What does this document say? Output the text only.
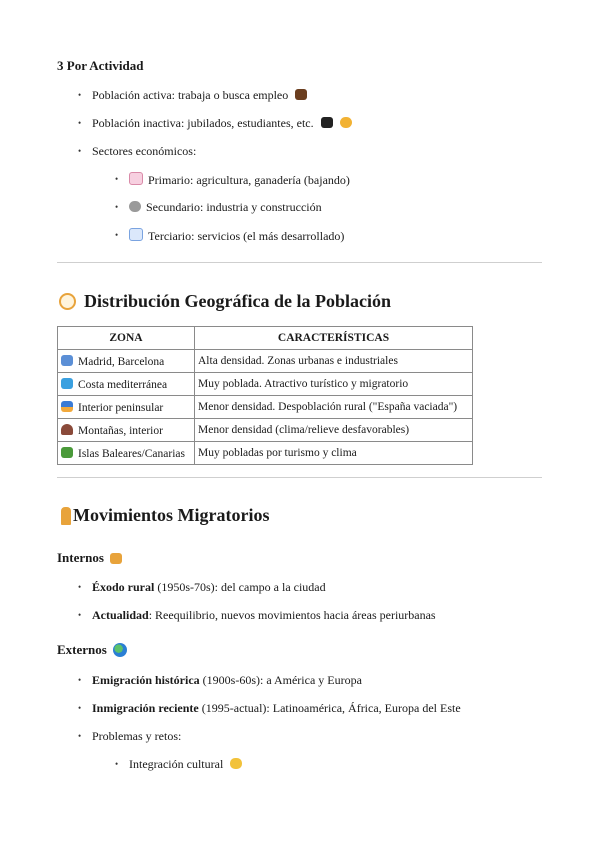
3 Por Actividad
• Población activa: trabaja o busca empleo
• Población inactiva: jubilados, estudiantes, etc.
• Sectores económicos:
•	Primario: agricultura, ganadería (bajando)
•	Secundario: industria y construcción
•	Terciario: servicios (el más desarrollado)
Distribución Geográfica de la Población
ZONA	CARACTERÍSTICAS
Madrid, Barcelona	Alta densidad. Zonas urbanas e industriales
Costa mediterránea	Muy poblada. Atractivo turístico y migratorio
Interior peninsular	Menor densidad. Despoblación rural ("España vaciada")
Montañas, interior	Menor densidad (clima/relieve desfavorables)
Islas Baleares/Canarias	Muy pobladas por turismo y clima
Movimientos Migratorios
Internos
• Éxodo rural (1950s-70s): del campo a la ciudad
• Actualidad: Reequilibrio, nuevos movimientos hacia áreas periurbanas
Externos
• Emigración histórica (1900s-60s): a América y Europa
• Inmigración reciente (1995-actual): Latinoamérica, África, Europa del Este
• Problemas y retos:
• Integración cultural
